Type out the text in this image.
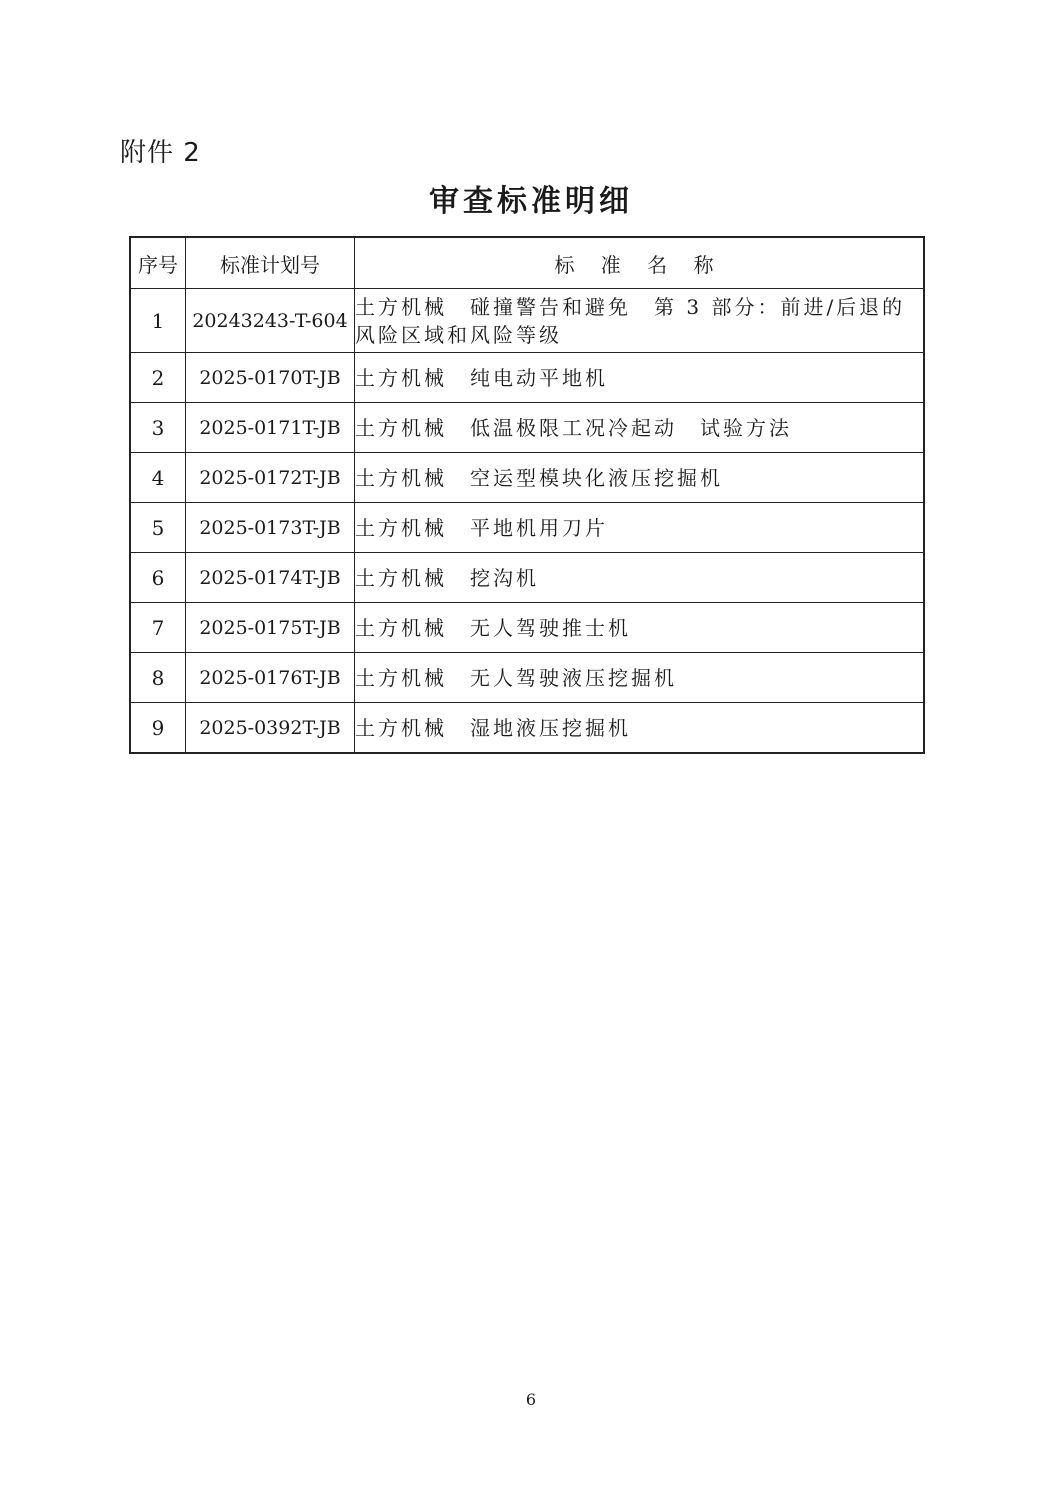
附件 2
审查标准明细
序号	标准计划号	标 准 名 称
1	20243243-T-604	土方机械　碰撞警告和避免　第 3 部分：前进/后退的风险区域和风险等级
2	2025-0170T-JB	土方机械　纯电动平地机
3	2025-0171T-JB	土方机械　低温极限工况冷起动　试验方法
4	2025-0172T-JB	土方机械　空运型模块化液压挖掘机
5	2025-0173T-JB	土方机械　平地机用刀片
6	2025-0174T-JB	土方机械　挖沟机
7	2025-0175T-JB	土方机械　无人驾驶推士机
8	2025-0176T-JB	土方机械　无人驾驶液压挖掘机
9	2025-0392T-JB	土方机械　湿地液压挖掘机
6
